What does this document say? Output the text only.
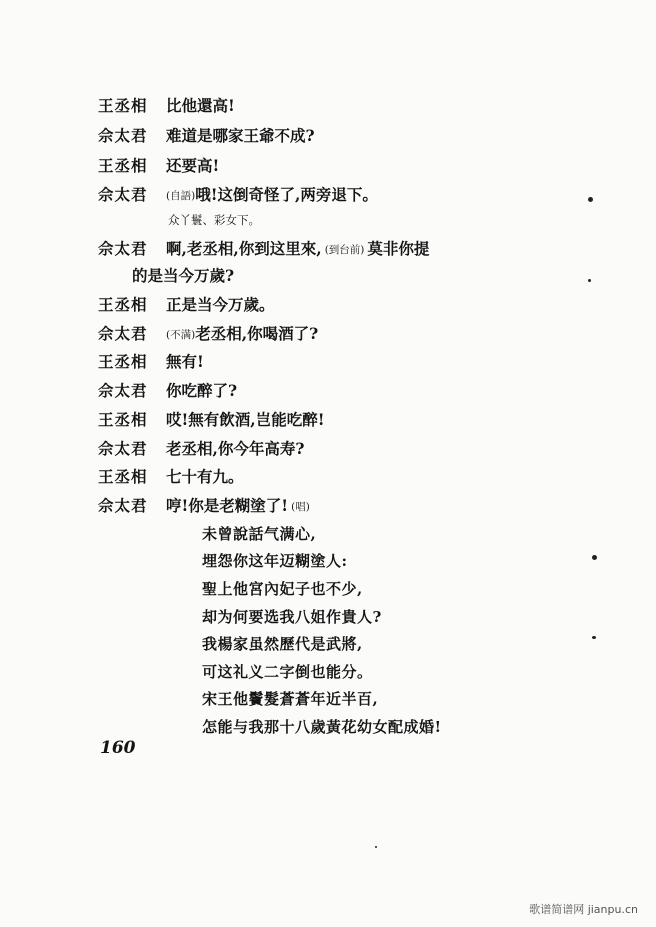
王丞相 比他還高!
佘太君 难道是哪家王爺不成?
王丞相 还要高!
佘太君 (自語)哦!这倒奇怪了,两旁退下。
众丫鬟、彩女下。
佘太君 啊,老丞相,你到这里來, (到台前) 莫非你提
的是当今万歲?
王丞相 正是当今万歲。
佘太君 (不满)老丞相,你喝酒了?
王丞相 無有!
佘太君 你吃醉了?
王丞相 哎!無有飲酒,岂能吃醉!
佘太君 老丞相,你今年高寿?
王丞相 七十有九。
佘太君 哼!你是老糊塗了! (唱)
未曾說話气满心,
埋怨你这年迈糊塗人:
聖上他宮內妃子也不少,
却为何要选我八姐作貴人?
我楊家虽然歷代是武將,
可这礼义二字倒也能分。
宋王他鬢髮蒼蒼年近半百,
怎能与我那十八歲黃花幼女配成婚!
160
歌谱简谱网 jianpu.cn
